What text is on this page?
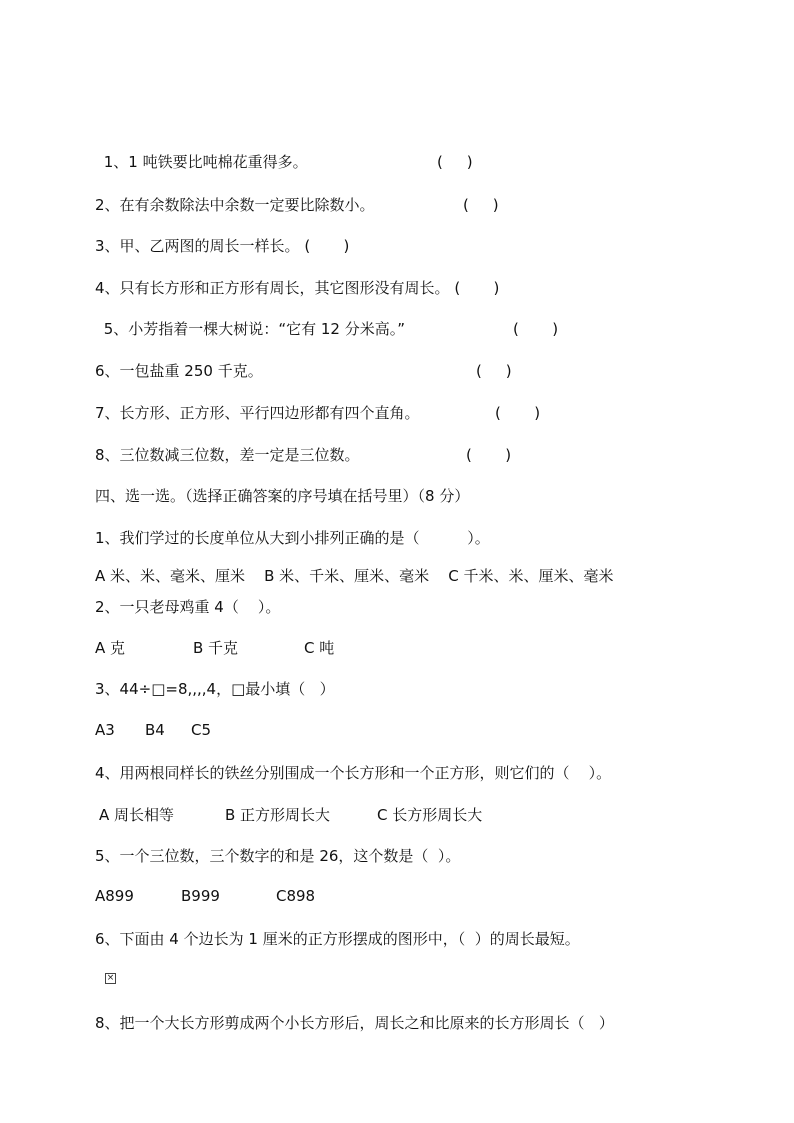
1、1 吨铁要比吨棉花重得多。	(     )
2、在有余数除法中余数一定要比除数小。	(     )
3、甲、乙两图的周长一样长。 (       )
4、只有长方形和正方形有周长，其它图形没有周长。 (       )
5、小芳指着一棵大树说：“它有 12 分米高。”	(       )
6、一包盐重 250 千克。	(     )
7、长方形、正方形、平行四边形都有四个直角。	(       )
8、三位数减三位数，差一定是三位数。	(       )
四、选一选。（选择正确答案的序号填在括号里）（8 分）
1、我们学过的长度单位从大到小排列正确的是（          ）。
A 米、米、毫米、厘米    B 米、千米、厘米、毫米    C 千米、米、厘米、毫米
2、一只老母鸡重 4（    ）。
A 克	B 千克	C 吨
3、44÷□=8,,,,4，□最小填（   ）
A3 B4 C5
4、用两根同样长的铁丝分别围成一个长方形和一个正方形，则它们的（    ）。
A 周长相等	B 正方形周长大	C 长方形周长大
5、一个三位数，三个数字的和是 26，这个数是（  ）。
A899	B999	C898
6、下面由 4 个边长为 1 厘米的正方形摆成的图形中，（  ）的周长最短。
×
8、把一个大长方形剪成两个小长方形后，周长之和比原来的长方形周长（   ）
